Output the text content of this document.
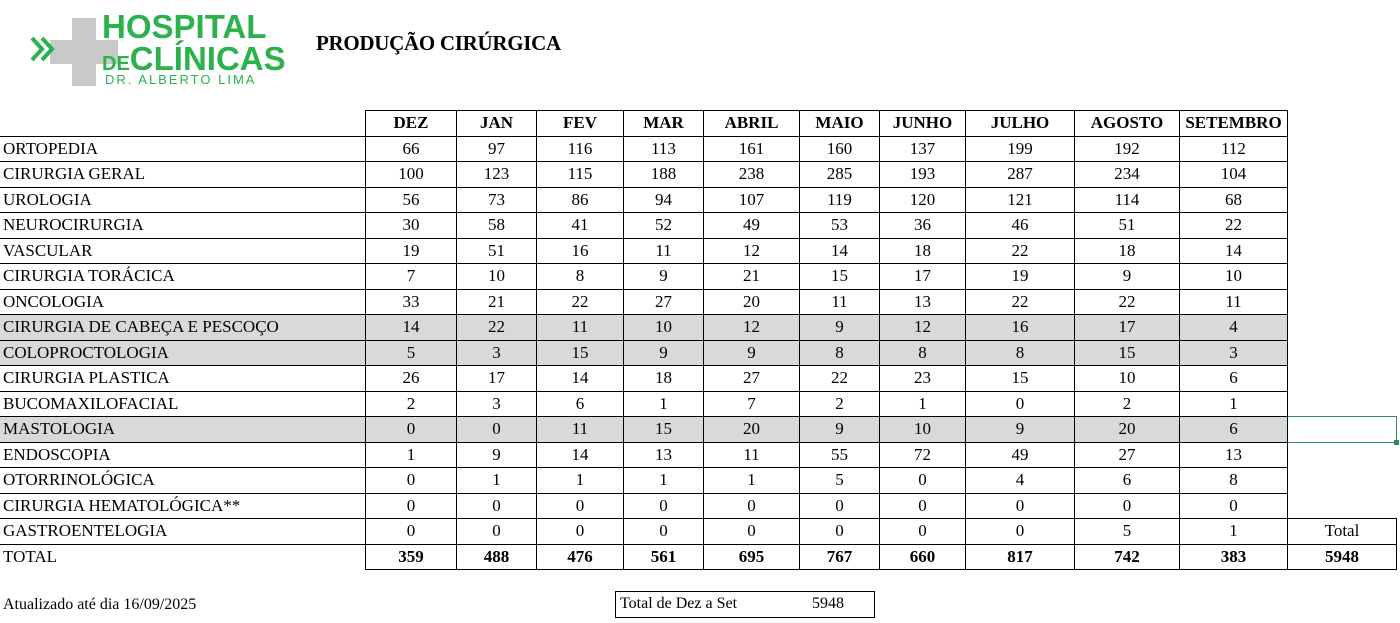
HOSPITAL
DECLÍNICAS
DR. ALBERTO LIMA
PRODUÇÃO CIRÚRGICA
	DEZ	JAN	FEV	MAR	ABRIL	MAIO	JUNHO	JULHO	AGOSTO	SETEMBRO	
ORTOPEDIA	66	97	116	113	161	160	137	199	192	112	
CIRURGIA GERAL	100	123	115	188	238	285	193	287	234	104	
UROLOGIA	56	73	86	94	107	119	120	121	114	68	
NEUROCIRURGIA	30	58	41	52	49	53	36	46	51	22	
VASCULAR	19	51	16	11	12	14	18	22	18	14	
CIRURGIA TORÁCICA	7	10	8	9	21	15	17	19	9	10	
ONCOLOGIA	33	21	22	27	20	11	13	22	22	11	
CIRURGIA DE CABEÇA E PESCOÇO	14	22	11	10	12	9	12	16	17	4	
COLOPROCTOLOGIA	5	3	15	9	9	8	8	8	15	3	
CIRURGIA PLASTICA	26	17	14	18	27	22	23	15	10	6	
BUCOMAXILOFACIAL	2	3	6	1	7	2	1	0	2	1	
MASTOLOGIA	0	0	11	15	20	9	10	9	20	6	

ENDOSCOPIA	1	9	14	13	11	55	72	49	27	13	
OTORRINOLÓGICA	0	1	1	1	1	5	0	4	6	8	
CIRURGIA HEMATOLÓGICA**	0	0	0	0	0	0	0	0	0	0	
GASTROENTELOGIA	0	0	0	0	0	0	0	0	5	1	Total
TOTAL	359	488	476	561	695	767	660	817	742	383	5948
Atualizado até dia 16/09/2025	Total de Dez a Set	5948
